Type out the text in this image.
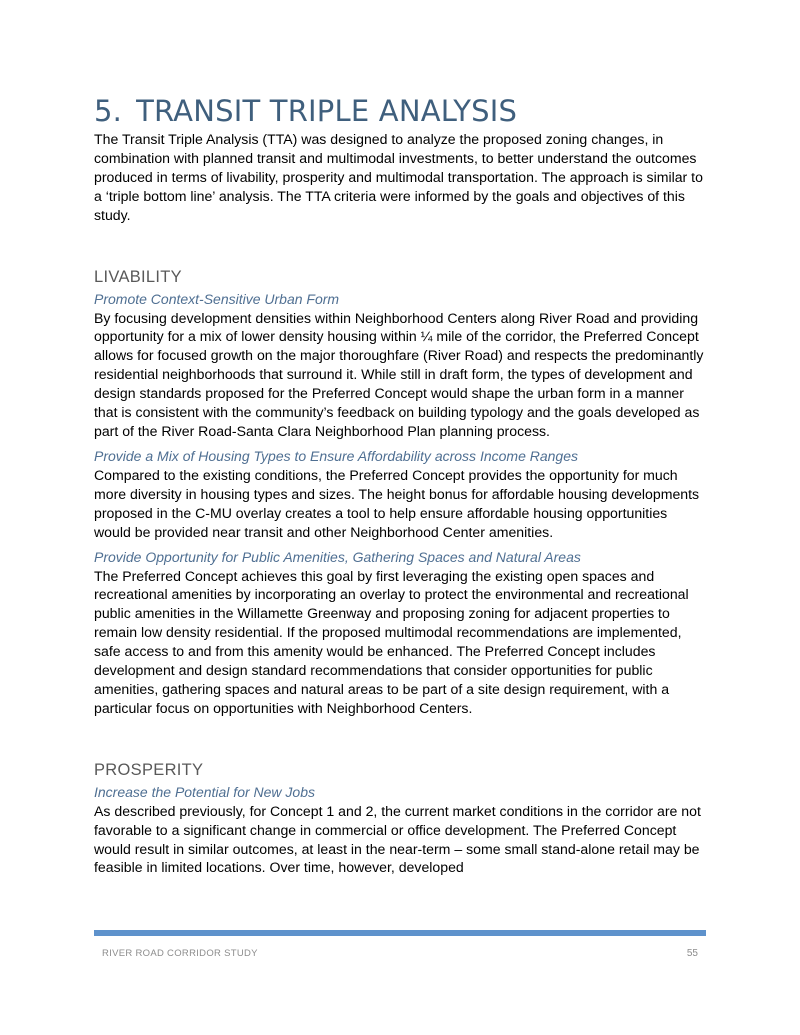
5. TRANSIT TRIPLE ANALYSIS

The Transit Triple Analysis (TTA) was designed to analyze the proposed zoning changes, in combination with planned transit and multimodal investments, to better understand the outcomes produced in terms of livability, prosperity and multimodal transportation. The approach is similar to a ‘triple bottom line’ analysis. The TTA criteria were informed by the goals and objectives of this study.

LIVABILITY
Promote Context-Sensitive Urban Form

By focusing development densities within Neighborhood Centers along River Road and providing opportunity for a mix of lower density housing within ¼ mile of the corridor, the Preferred Concept allows for focused growth on the major thoroughfare (River Road) and respects the predominantly residential neighborhoods that surround it. While still in draft form, the types of development and design standards proposed for the Preferred Concept would shape the urban form in a manner that is consistent with the community’s feedback on building typology and the goals developed as part of the River Road-Santa Clara Neighborhood Plan planning process.

Provide a Mix of Housing Types to Ensure Affordability across Income Ranges

Compared to the existing conditions, the Preferred Concept provides the opportunity for much more diversity in housing types and sizes. The height bonus for affordable housing developments proposed in the C-MU overlay creates a tool to help ensure affordable housing opportunities would be provided near transit and other Neighborhood Center amenities.

Provide Opportunity for Public Amenities, Gathering Spaces and Natural Areas

The Preferred Concept achieves this goal by first leveraging the existing open spaces and recreational amenities by incorporating an overlay to protect the environmental and recreational public amenities in the Willamette Greenway and proposing zoning for adjacent properties to remain low density residential. If the proposed multimodal recommendations are implemented, safe access to and from this amenity would be enhanced. The Preferred Concept includes development and design standard recommendations that consider opportunities for public amenities, gathering spaces and natural areas to be part of a site design requirement, with a particular focus on opportunities with Neighborhood Centers.

PROSPERITY
Increase the Potential for New Jobs

As described previously, for Concept 1 and 2, the current market conditions in the corridor are not favorable to a significant change in commercial or office development. The Preferred Concept would result in similar outcomes, at least in the near-term – some small stand-alone retail may be feasible in limited locations. Over time, however, developed

RIVER ROAD CORRIDOR STUDY	55
